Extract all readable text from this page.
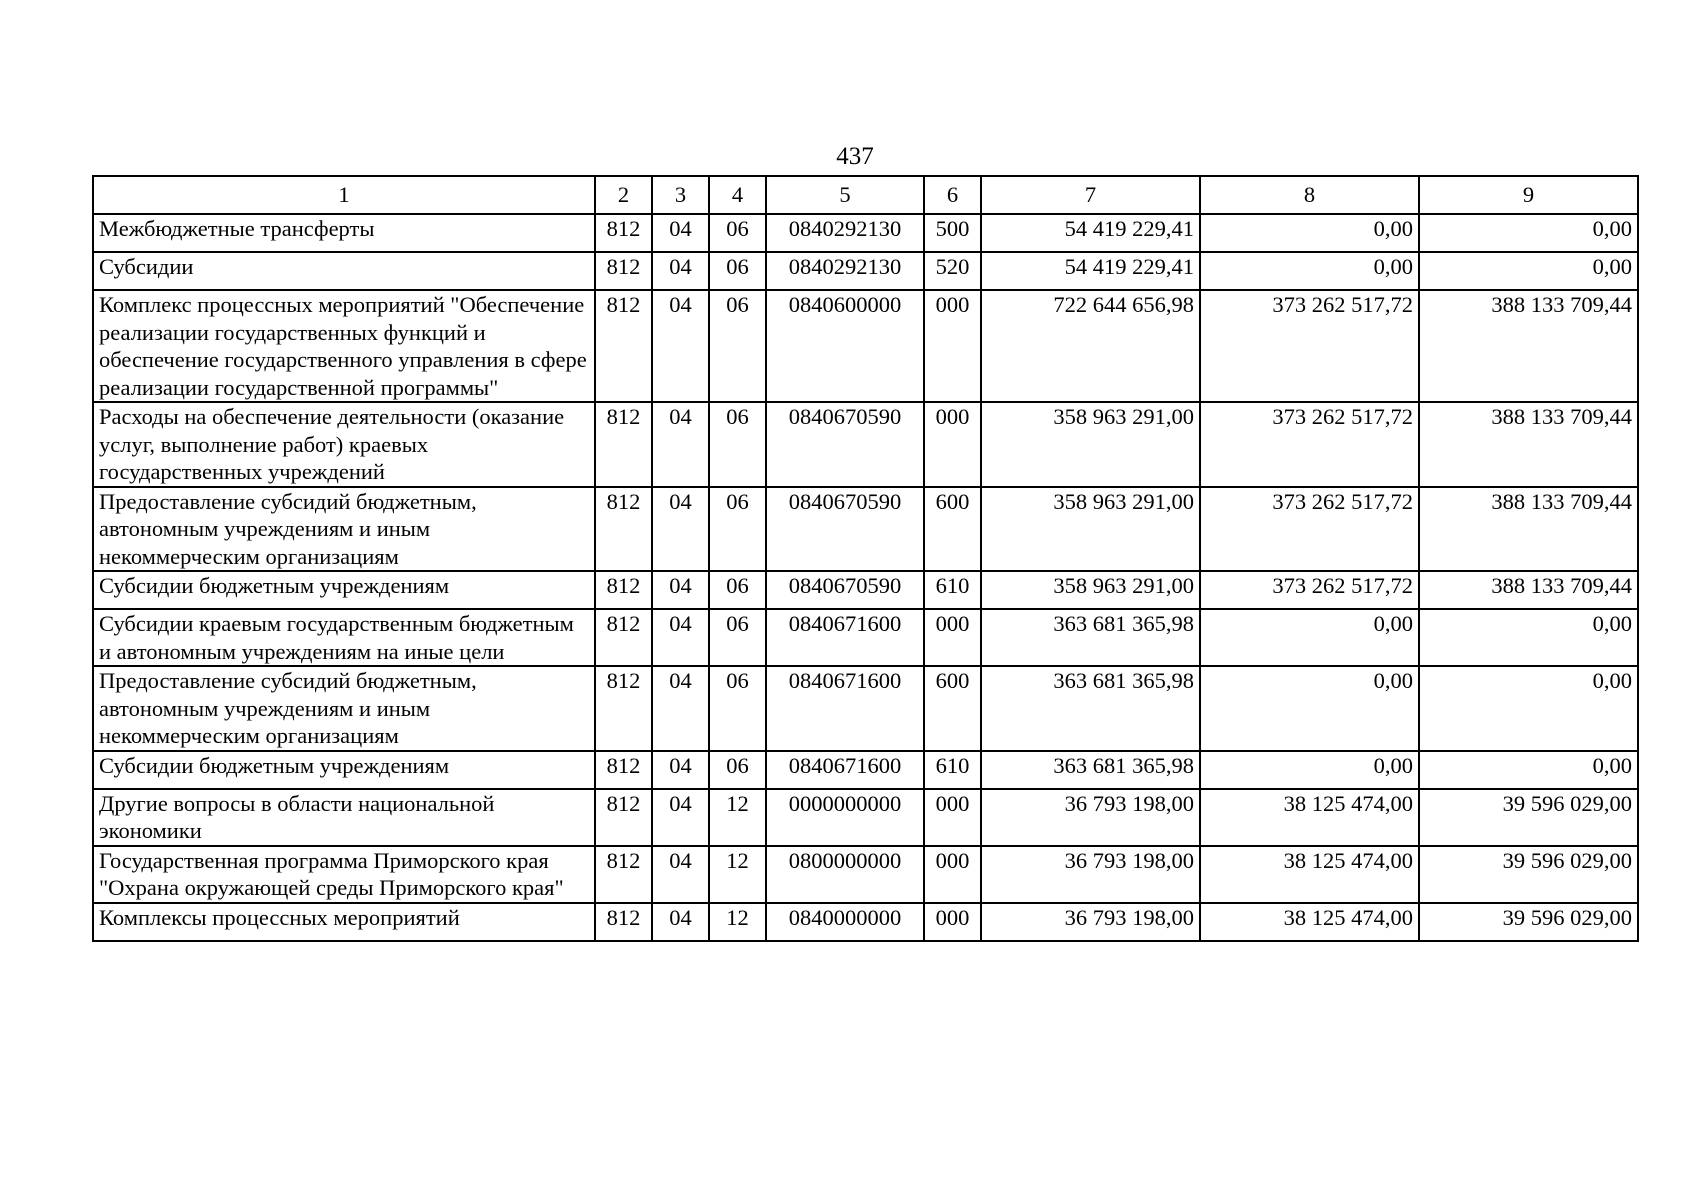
437
1	2	3	4	5	6	7	8	9
Межбюджетные трансферты	812	04	06	0840292130	500	54 419 229,41	0,00	0,00
Субсидии	812	04	06	0840292130	520	54 419 229,41	0,00	0,00
Комплекс процессных мероприятий "Обеспечение реализации государственных функций и обеспечение государственного управления в сфере реализации государственной программы"	812	04	06	0840600000	000	722 644 656,98	373 262 517,72	388 133 709,44
Расходы на обеспечение деятельности (оказание услуг, выполнение работ) краевых государственных учреждений	812	04	06	0840670590	000	358 963 291,00	373 262 517,72	388 133 709,44
Предоставление субсидий бюджетным, автономным учреждениям и иным некоммерческим организациям	812	04	06	0840670590	600	358 963 291,00	373 262 517,72	388 133 709,44
Субсидии бюджетным учреждениям	812	04	06	0840670590	610	358 963 291,00	373 262 517,72	388 133 709,44
Субсидии краевым государственным бюджетным и автономным учреждениям на иные цели	812	04	06	0840671600	000	363 681 365,98	0,00	0,00
Предоставление субсидий бюджетным, автономным учреждениям и иным некоммерческим организациям	812	04	06	0840671600	600	363 681 365,98	0,00	0,00
Субсидии бюджетным учреждениям	812	04	06	0840671600	610	363 681 365,98	0,00	0,00
Другие вопросы в области национальной экономики	812	04	12	0000000000	000	36 793 198,00	38 125 474,00	39 596 029,00
Государственная программа Приморского края "Охрана окружающей среды Приморского края"	812	04	12	0800000000	000	36 793 198,00	38 125 474,00	39 596 029,00
Комплексы процессных мероприятий	812	04	12	0840000000	000	36 793 198,00	38 125 474,00	39 596 029,00
